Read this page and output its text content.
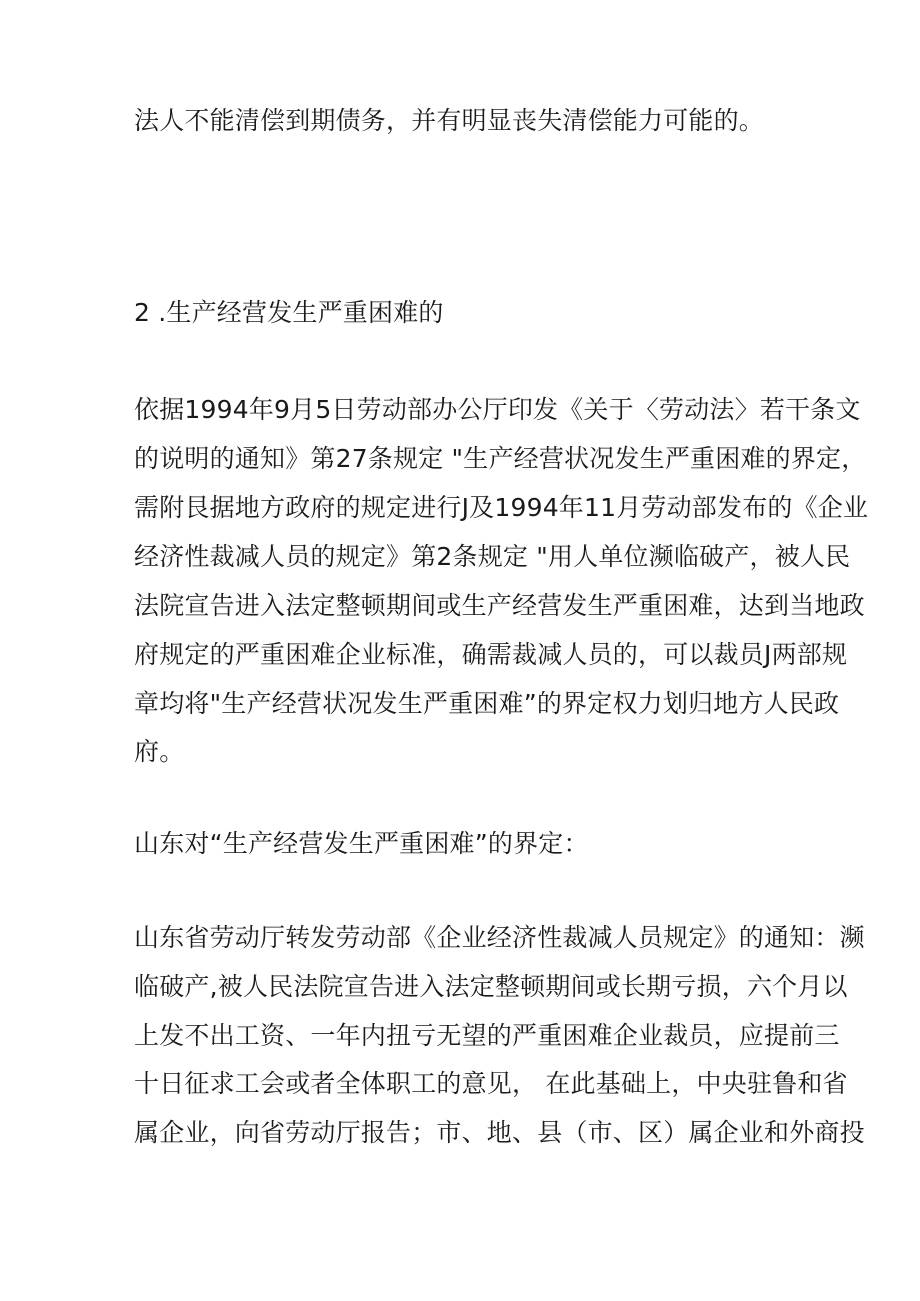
法人不能清偿到期债务，并有明显丧失清偿能力可能的。
2 .生产经营发生严重困难的
依据1994年9月5日劳动部办公厅印发《关于〈劳动法〉若干条文
的说明的通知》第27条规定 "生产经营状况发生严重困难的界定，
需附艮据地方政府的规定进行J及1994年11月劳动部发布的《企业
经济性裁减人员的规定》第2条规定 "用人单位濒临破产，被人民
法院宣告进入法定整顿期间或生产经营发生严重困难，达到当地政
府规定的严重困难企业标准，确需裁减人员的，可以裁员J两部规
章均将"生产经营状况发生严重困难”的界定权力划归地方人民政
府。
山东对“生产经营发生严重困难”的界定：
山东省劳动厅转发劳动部《企业经济性裁减人员规定》的通知：濒
临破产,被人民法院宣告进入法定整顿期间或长期亏损，六个月以
上发不出工资、一年内扭亏无望的严重困难企业裁员，应提前三
十日征求工会或者全体职工的意见， 在此基础上，中央驻鲁和省
属企业，向省劳动厅报告；市、地、县（市、区）属企业和外商投
